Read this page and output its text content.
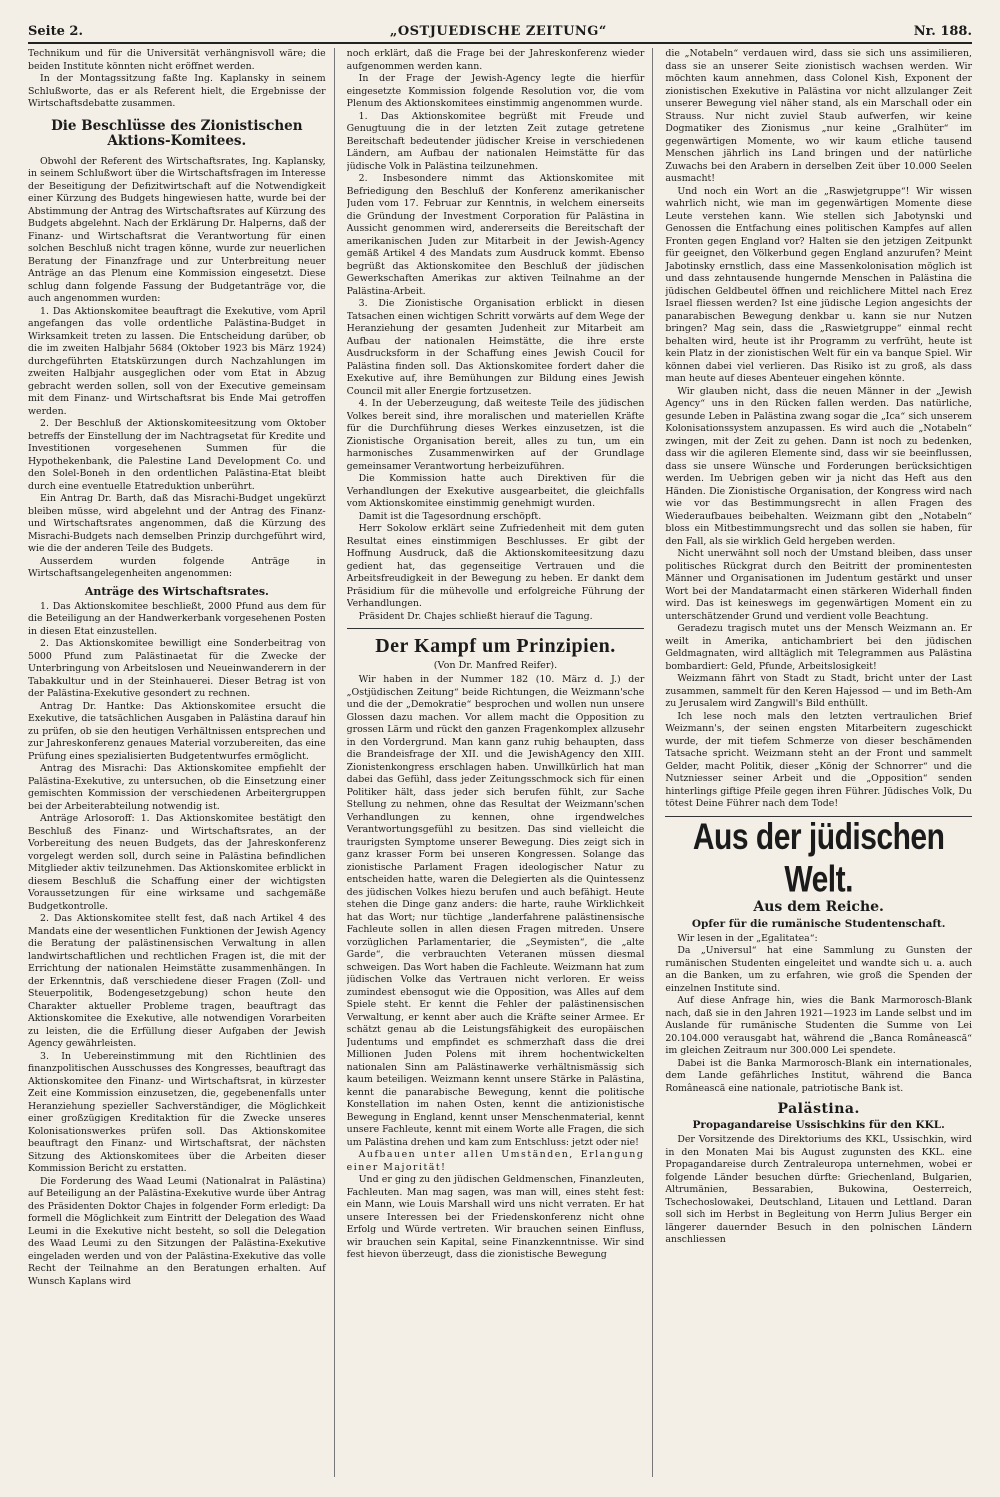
Seite 2.	„OSTJUEDISCHE ZEITUNG“	Nr. 188.

Technikum und für die Universität verhängnisvoll wäre; die beiden Institute könnten nicht eröffnet werden.

In der Montagssitzung faßte Ing. Kaplansky in seinem Schlußworte, das er als Referent hielt, die Ergebnisse der Wirtschaftsdebatte zusammen.

Die Beschlüsse des Zionistischen Aktions-Komitees.

Obwohl der Referent des Wirtschaftsrates, Ing. Kaplansky, in seinem Schlußwort über die Wirtschaftsfragen im Interesse der Beseitigung der Defizitwirtschaft auf die Notwendigkeit einer Kürzung des Budgets hingewiesen hatte, wurde bei der Abstimmung der Antrag des Wirtschaftsrates auf Kürzung des Budgets abgelehnt. Nach der Erklärung Dr. Halperns, daß der Finanz- und Wirtschaftsrat die Verantwortung für einen solchen Beschluß nicht tragen könne, wurde zur neuerlichen Beratung der Finanzfrage und zur Unterbreitung neuer Anträge an das Plenum eine Kommission eingesetzt. Diese schlug dann folgende Fassung der Budgetanträge vor, die auch angenommen wurden:

1. Das Aktionskomitee beauftragt die Exekutive, vom April angefangen das volle ordentliche Palästina-Budget in Wirksamkeit treten zu lassen. Die Entscheidung darüber, ob die im zweiten Halbjahr 5684 (Oktober 1923 bis März 1924) durchgeführten Etatskürzungen durch Nachzahlungen im zweiten Halbjahr ausgeglichen oder vom Etat in Abzug gebracht werden sollen, soll von der Executive gemeinsam mit dem Finanz- und Wirtschaftsrat bis Ende Mai getroffen werden.

2. Der Beschluß der Aktionskomiteesitzung vom Oktober betreffs der Einstellung der im Nachtragsetat für Kredite und Investitionen vorgesehenen Summen für die Hypothekenbank, die Palestine Land Development Co. und den Solel-Boneh in den ordentlichen Palästina-Etat bleibt durch eine eventuelle Etatreduktion unberührt.

Ein Antrag Dr. Barth, daß das Misrachi-Budget ungekürzt bleiben müsse, wird abgelehnt und der Antrag des Finanz- und Wirtschaftsrates angenommen, daß die Kürzung des Misrachi-Budgets nach demselben Prinzip durchgeführt wird, wie die der anderen Teile des Budgets.

Ausserdem wurden folgende Anträge in Wirtschaftsangelegenheiten angenommen:

Anträge des Wirtschaftsrates.

1. Das Aktionskomitee beschließt, 2000 Pfund aus dem für die Beteiligung an der Handwerkerbank vorgesehenen Posten in diesen Etat einzustellen.

2. Das Aktionskomitee bewilligt eine Sonderbeitrag von 5000 Pfund zum Palästinaetat für die Zwecke der Unterbringung von Arbeitslosen und Neueinwanderern in der Tabakkultur und in der Steinhauerei. Dieser Betrag ist von der Palästina-Exekutive gesondert zu rechnen.

Antrag Dr. Hantke: Das Aktionskomitee ersucht die Exekutive, die tatsächlichen Ausgaben in Palästina darauf hin zu prüfen, ob sie den heutigen Verhältnissen entsprechen und zur Jahreskonferenz genaues Material vorzubereiten, das eine Prüfung eines spezialisierten Budgetentwurfes ermöglicht.

Antrag des Misrachi: Das Aktionskomitee empfiehlt der Palästina-Exekutive, zu untersuchen, ob die Einsetzung einer gemischten Kommission der verschiedenen Arbeitergruppen bei der Arbeiterabteilung notwendig ist.

Anträge Arlosoroff: 1. Das Aktionskomitee bestätigt den Beschluß des Finanz- und Wirtschaftsrates, an der Vorbereitung des neuen Budgets, das der Jahreskonferenz vorgelegt werden soll, durch seine in Palästina befindlichen Mitglieder aktiv teilzunehmen. Das Aktionskomitee erblickt in diesem Beschluß die Schaffung einer der wichtigsten Voraussetzungen für eine wirksame und sachgemäße Budgetkontrolle.

2. Das Aktionskomitee stellt fest, daß nach Artikel 4 des Mandats eine der wesentlichen Funktionen der Jewish Agency die Beratung der palästinensischen Verwaltung in allen landwirtschaftlichen und rechtlichen Fragen ist, die mit der Errichtung der nationalen Heimstätte zusammenhängen. In der Erkenntnis, daß verschiedene dieser Fragen (Zoll- und Steuerpolitik, Bodengesetzgebung) schon heute den Charakter aktueller Probleme tragen, beauftragt das Aktionskomitee die Exekutive, alle notwendigen Vorarbeiten zu leisten, die die Erfüllung dieser Aufgaben der Jewish Agency gewährleisten.

3. In Uebereinstimmung mit den Richtlinien des finanzpolitischen Ausschusses des Kongresses, beauftragt das Aktionskomitee den Finanz- und Wirtschaftsrat, in kürzester Zeit eine Kommission einzusetzen, die, gegebenenfalls unter Heranziehung spezieller Sachverständiger, die Möglichkeit einer großzügigen Kreditaktion für die Zwecke unseres Kolonisationswerkes prüfen soll. Das Aktionskomitee beauftragt den Finanz- und Wirtschaftsrat, der nächsten Sitzung des Aktionskomitees über die Arbeiten dieser Kommission Bericht zu erstatten.

Die Forderung des Waad Leumi (Nationalrat in Palästina) auf Beteiligung an der Palästina-Exekutive wurde über Antrag des Präsidenten Doktor Chajes in folgender Form erledigt: Da formell die Möglichkeit zum Eintritt der Delegation des Waad Leumi in die Exekutive nicht besteht, so soll die Delegation des Waad Leumi zu den Sitzungen der Palästina-Exekutive eingeladen werden und von der Palästina-Exekutive das volle Recht der Teilnahme an den Beratungen erhalten. Auf Wunsch Kaplans wird

noch erklärt, daß die Frage bei der Jahreskonferenz wieder aufgenommen werden kann.

In der Frage der Jewish-Agency legte die hierfür eingesetzte Kommission folgende Resolution vor, die vom Plenum des Aktionskomitees einstimmig angenommen wurde.

1. Das Aktionskomitee begrüßt mit Freude und Genugtuung die in der letzten Zeit zutage getretene Bereitschaft bedeutender jüdischer Kreise in verschiedenen Ländern, am Aufbau der nationalen Heimstätte für das jüdische Volk in Palästina teilzunehmen.

2. Insbesondere nimmt das Aktionskomitee mit Befriedigung den Beschluß der Konferenz amerikanischer Juden vom 17. Februar zur Kenntnis, in welchem einerseits die Gründung der Investment Corporation für Palästina in Aussicht genommen wird, andererseits die Bereitschaft der amerikanischen Juden zur Mitarbeit in der Jewish-Agency gemäß Artikel 4 des Mandats zum Ausdruck kommt. Ebenso begrüßt das Aktionskomitee den Beschluß der jüdischen Gewerkschaften Amerikas zur aktiven Teilnahme an der Palästina-Arbeit.

3. Die Zionistische Organisation erblickt in diesen Tatsachen einen wichtigen Schritt vorwärts auf dem Wege der Heranziehung der gesamten Judenheit zur Mitarbeit am Aufbau der nationalen Heimstätte, die ihre erste Ausdrucksform in der Schaffung eines Jewish Coucil for Palästina finden soll. Das Aktionskomitee fordert daher die Exekutive auf, ihre Bemühungen zur Bildung eines Jewish Council mit aller Energie fortzusetzen.

4. In der Ueberzeugung, daß weiteste Teile des jüdischen Volkes bereit sind, ihre moralischen und materiellen Kräfte für die Durchführung dieses Werkes einzusetzen, ist die Zionistische Organisation bereit, alles zu tun, um ein harmonisches Zusammenwirken auf der Grundlage gemeinsamer Verantwortung herbeizuführen.

Die Kommission hatte auch Direktiven für die Verhandlungen der Exekutive ausgearbeitet, die gleichfalls vom Aktionskomitee einstimmig genehmigt wurden.

Damit ist die Tagesordnung erschöpft.

Herr Sokolow erklärt seine Zufriedenheit mit dem guten Resultat eines einstimmigen Beschlusses. Er gibt der Hoffnung Ausdruck, daß die Aktionskomiteesitzung dazu gedient hat, das gegenseitige Vertrauen und die Arbeitsfreudigkeit in der Bewegung zu heben. Er dankt dem Präsidium für die mühevolle und erfolgreiche Führung der Verhandlungen.

Präsident Dr. Chajes schließt hierauf die Tagung.

Der Kampf um Prinzipien.
(Von Dr. Manfred Reifer).

Wir haben in der Nummer 182 (10. März d. J.) der „Ostjüdischen Zeitung“ beide Richtungen, die Weizmann'sche und die der „Demokratie“ besprochen und wollen nun unsere Glossen dazu machen. Vor allem macht die Opposition zu grossen Lärm und rückt den ganzen Fragenkomplex allzusehr in den Vordergrund. Man kann ganz ruhig behaupten, dass die Brandeisfrage der XII. und die JewishAgency den XIII. Zionistenkongress erschlagen haben. Unwillkürlich hat man dabei das Gefühl, dass jeder Zeitungsschmock sich für einen Politiker hält, dass jeder sich berufen fühlt, zur Sache Stellung zu nehmen, ohne das Resultat der Weizmann'schen Verhandlungen zu kennen, ohne irgendwelches Verantwortungsgefühl zu besitzen. Das sind vielleicht die traurigsten Symptome unserer Bewegung. Dies zeigt sich in ganz krasser Form bei unseren Kongressen. Solange das zionistische Parlament Fragen ideologischer Natur zu entscheiden hatte, waren die Delegierten als die Quintessenz des jüdischen Volkes hiezu berufen und auch befähigt. Heute stehen die Dinge ganz anders: die harte, rauhe Wirklichkeit hat das Wort; nur tüchtige „landerfahrene palästinensische Fachleute sollen in allen diesen Fragen mitreden. Unsere vorzüglichen Parlamentarier, die „Seymisten“, die „alte Garde“, die verbrauchten Veteranen müssen diesmal schweigen. Das Wort haben die Fachleute. Weizmann hat zum jüdischen Volke das Vertrauen nicht verloren. Er weiss zumindest ebensogut wie die Opposition, was Alles auf dem Spiele steht. Er kennt die Fehler der palästinensischen Verwaltung, er kennt aber auch die Kräfte seiner Armee. Er schätzt genau ab die Leistungsfähigkeit des europäischen Judentums und empfindet es schmerzhaft dass die drei Millionen Juden Polens mit ihrem hochentwickelten nationalen Sinn am Palästinawerke verhältnismässig sich kaum beteiligen. Weizmann kennt unsere Stärke in Palästina, kennt die panarabische Bewegung, kennt die politische Konstellation im nahen Osten, kennt die antizionistische Bewegung in England, kennt unser Menschenmaterial, kennt unsere Fachleute, kennt mit einem Worte alle Fragen, die sich um Palästina drehen und kam zum Entschluss: jetzt oder nie!

Aufbauen unter allen Umständen, Erlangung einer Majorität!

Und er ging zu den jüdischen Geldmenschen, Finanzleuten, Fachleuten. Man mag sagen, was man will, eines steht fest: ein Mann, wie Louis Marshall wird uns nicht verraten. Er hat unsere Interessen bei der Friedenskonferenz nicht ohne Erfolg und Würde vertreten. Wir brauchen seinen Einfluss, wir brauchen sein Kapital, seine Finanzkenntnisse. Wir sind fest hievon überzeugt, dass die zionistische Bewegung

die „Notabeln“ verdauen wird, dass sie sich uns assimilieren, dass sie an unserer Seite zionistisch wachsen werden. Wir möchten kaum annehmen, dass Colonel Kish, Exponent der zionistischen Exekutive in Palästina vor nicht allzulanger Zeit unserer Bewegung viel näher stand, als ein Marschall oder ein Strauss. Nur nicht zuviel Staub aufwerfen, wir keine Dogmatiker des Zionismus „nur keine „Gralhüter“ im gegenwärtigen Momente, wo wir kaum etliche tausend Menschen jährlich ins Land bringen und der natürliche Zuwachs bei den Arabern in derselben Zeit über 10.000 Seelen ausmacht!

Und noch ein Wort an die „Raswjetgruppe“! Wir wissen wahrlich nicht, wie man im gegenwärtigen Momente diese Leute verstehen kann. Wie stellen sich Jabotynski und Genossen die Entfachung eines politischen Kampfes auf allen Fronten gegen England vor? Halten sie den jetzigen Zeitpunkt für geeignet, den Völkerbund gegen England anzurufen? Meint Jabotinsky ernstlich, dass eine Massenkolonisation möglich ist und dass zehntausende hungernde Menschen in Palästina die jüdischen Geldbeutel öffnen und reichlichere Mittel nach Erez Israel fliessen werden? Ist eine jüdische Legion angesichts der panarabischen Bewegung denkbar u. kann sie nur Nutzen bringen? Mag sein, dass die „Raswietgruppe“ einmal recht behalten wird, heute ist ihr Programm zu verfrüht, heute ist kein Platz in der zionistischen Welt für ein va banque Spiel. Wir können dabei viel verlieren. Das Risiko ist zu groß, als dass man heute auf dieses Abenteuer eingehen könnte.

Wir glauben nicht, dass die neuen Männer in der „Jewish Agency“ uns in den Rücken fallen werden. Das natürliche, gesunde Leben in Palästina zwang sogar die „Ica“ sich unserem Kolonisationssystem anzupassen. Es wird auch die „Notabeln“ zwingen, mit der Zeit zu gehen. Dann ist noch zu bedenken, dass wir die agileren Elemente sind, dass wir sie beeinflussen, dass sie unsere Wünsche und Forderungen berücksichtigen werden. Im Uebrigen geben wir ja nicht das Heft aus den Händen. Die Zionistische Organisation, der Kongress wird nach wie vor das Bestimmungsrecht in allen Fragen des Wiederaufbaues beibehalten. Weizmann gibt den „Notabeln“ bloss ein Mitbestimmungsrecht und das sollen sie haben, für den Fall, als sie wirklich Geld hergeben werden.

Nicht unerwähnt soll noch der Umstand bleiben, dass unser politisches Rückgrat durch den Beitritt der prominentesten Männer und Organisationen im Judentum gestärkt und unser Wort bei der Mandatarmacht einen stärkeren Widerhall finden wird. Das ist keineswegs im gegenwärtigen Moment ein zu unterschätzender Grund und verdient volle Beachtung.

Geradezu tragisch mutet uns der Mensch Weizmann an. Er weilt in Amerika, antichambriert bei den jüdischen Geldmagnaten, wird alltäglich mit Telegrammen aus Palästina bombardiert: Geld, Pfunde, Arbeitslosigkeit!

Weizmann fährt von Stadt zu Stadt, bricht unter der Last zusammen, sammelt für den Keren Hajessod — und im Beth-Am zu Jerusalem wird Zangwill's Bild enthüllt.

Ich lese noch mals den letzten vertraulichen Brief Weizmann's, der seinen engsten Mitarbeitern zugeschickt wurde, der mit tiefem Schmerze von dieser beschämenden Tatsache spricht. Weizmann steht an der Front und sammelt Gelder, macht Politik, dieser „König der Schnorrer“ und die Nutzniesser seiner Arbeit und die „Opposition“ senden hinterlings giftige Pfeile gegen ihren Führer. Jüdisches Volk, Du tötest Deine Führer nach dem Tode!

Aus der jüdischen Welt.
Aus dem Reiche.
Opfer für die rumänische Studentenschaft.

Wir lesen in der „Egalitatea“:

Da „Universul“ hat eine Sammlung zu Gunsten der rumänischen Studenten eingeleitet und wandte sich u. a. auch an die Banken, um zu erfahren, wie groß die Spenden der einzelnen Institute sind.

Auf diese Anfrage hin, wies die Bank Marmorosch-Blank nach, daß sie in den Jahren 1921—1923 im Lande selbst und im Auslande für rumänische Studenten die Summe von Lei 20.104.000 verausgabt hat, während die „Banca Românească“ im gleichen Zeitraum nur 300.000 Lei spendete.

Dabei ist die Banka Marmorosch-Blank ein internationales, dem Lande gefährliches Institut, während die Banca Românească eine nationale, patriotische Bank ist.

Palästina.
Propagandareise Ussischkins für den KKL.

Der Vorsitzende des Direktoriums des KKL, Ussischkin, wird in den Monaten Mai bis August zugunsten des KKL. eine Propagandareise durch Zentraleuropa unternehmen, wobei er folgende Länder besuchen dürfte: Griechenland, Bulgarien, Altrumänien, Bessarabien, Bukowina, Oesterreich, Tschechoslowakei, Deutschland, Litauen und Lettland. Daran soll sich im Herbst in Begleitung von Herrn Julius Berger ein längerer dauernder Besuch in den polnischen Ländern anschliessen
